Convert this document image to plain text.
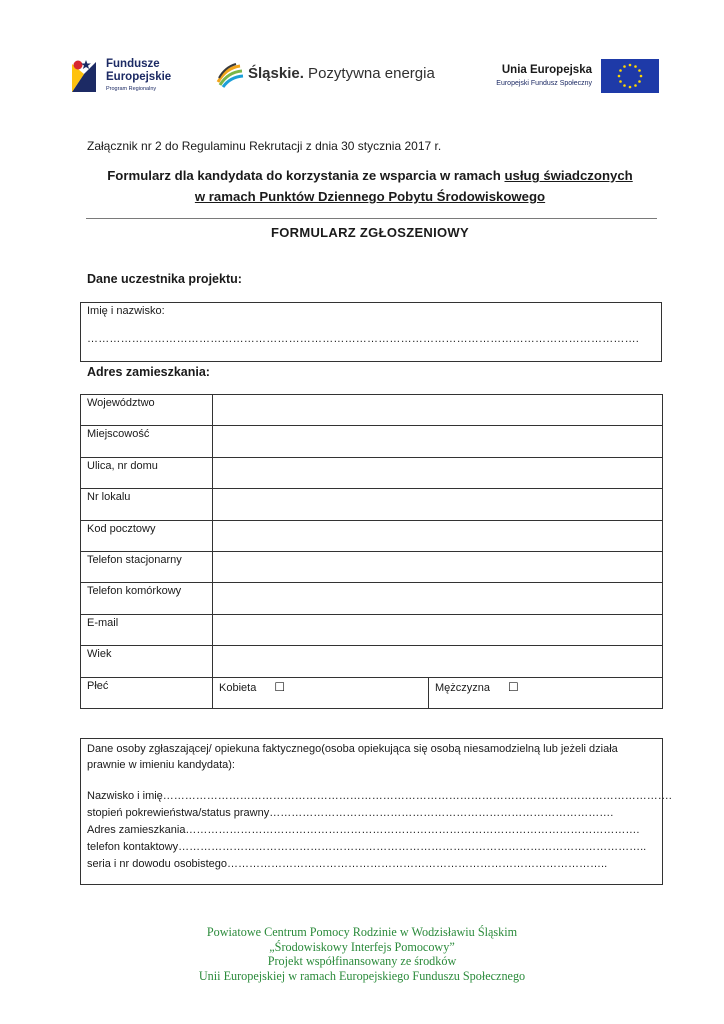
Fundusze
Europejskie
Program Regionalny
Śląskie. Pozytywna energia	Unia Europejska
Europejski Fundusz Społeczny
Załącznik nr 2 do Regulaminu Rekrutacji z dnia 30 stycznia 2017 r.
Formularz dla kandydata do korzystania ze wsparcia w ramach usług świadczonych
w ramach Punktów Dziennego Pobytu Środowiskowego
FORMULARZ ZGŁOSZENIOWY
Dane uczestnika projektu:
Imię i nazwisko:
………………………………………………………………………………………………………………………………….
Adres zamieszkania:
Województwo		
Miejscowość		
Ulica, nr domu		
Nr lokalu		
Kod pocztowy		
Telefon stacjonarny		
Telefon komórkowy		
E-mail		
Wiek		
Płeć	Kobieta ☐	Mężczyzna ☐
Dane osoby zgłaszającej/ opiekuna faktycznego(osoba opiekująca się osobą niesamodzielną lub jeżeli działa prawnie w imieniu kandydata):
Nazwisko i imię………………………………………………………………………………………………………………………….
stopień pokrewieństwa/status prawny………………………………………………………………………………….
Adres zamieszkania…………………………………………………………………………………………………………….
telefon kontaktowy………………………………………………………………………………………………………………..
seria i nr dowodu osobistego…………………………………………………………………………………………..
Powiatowe Centrum Pomocy Rodzinie w Wodzisławiu Śląskim
„Środowiskowy Interfejs Pomocowy”
Projekt współfinansowany ze środków
Unii Europejskiej w ramach Europejskiego Funduszu Społecznego
